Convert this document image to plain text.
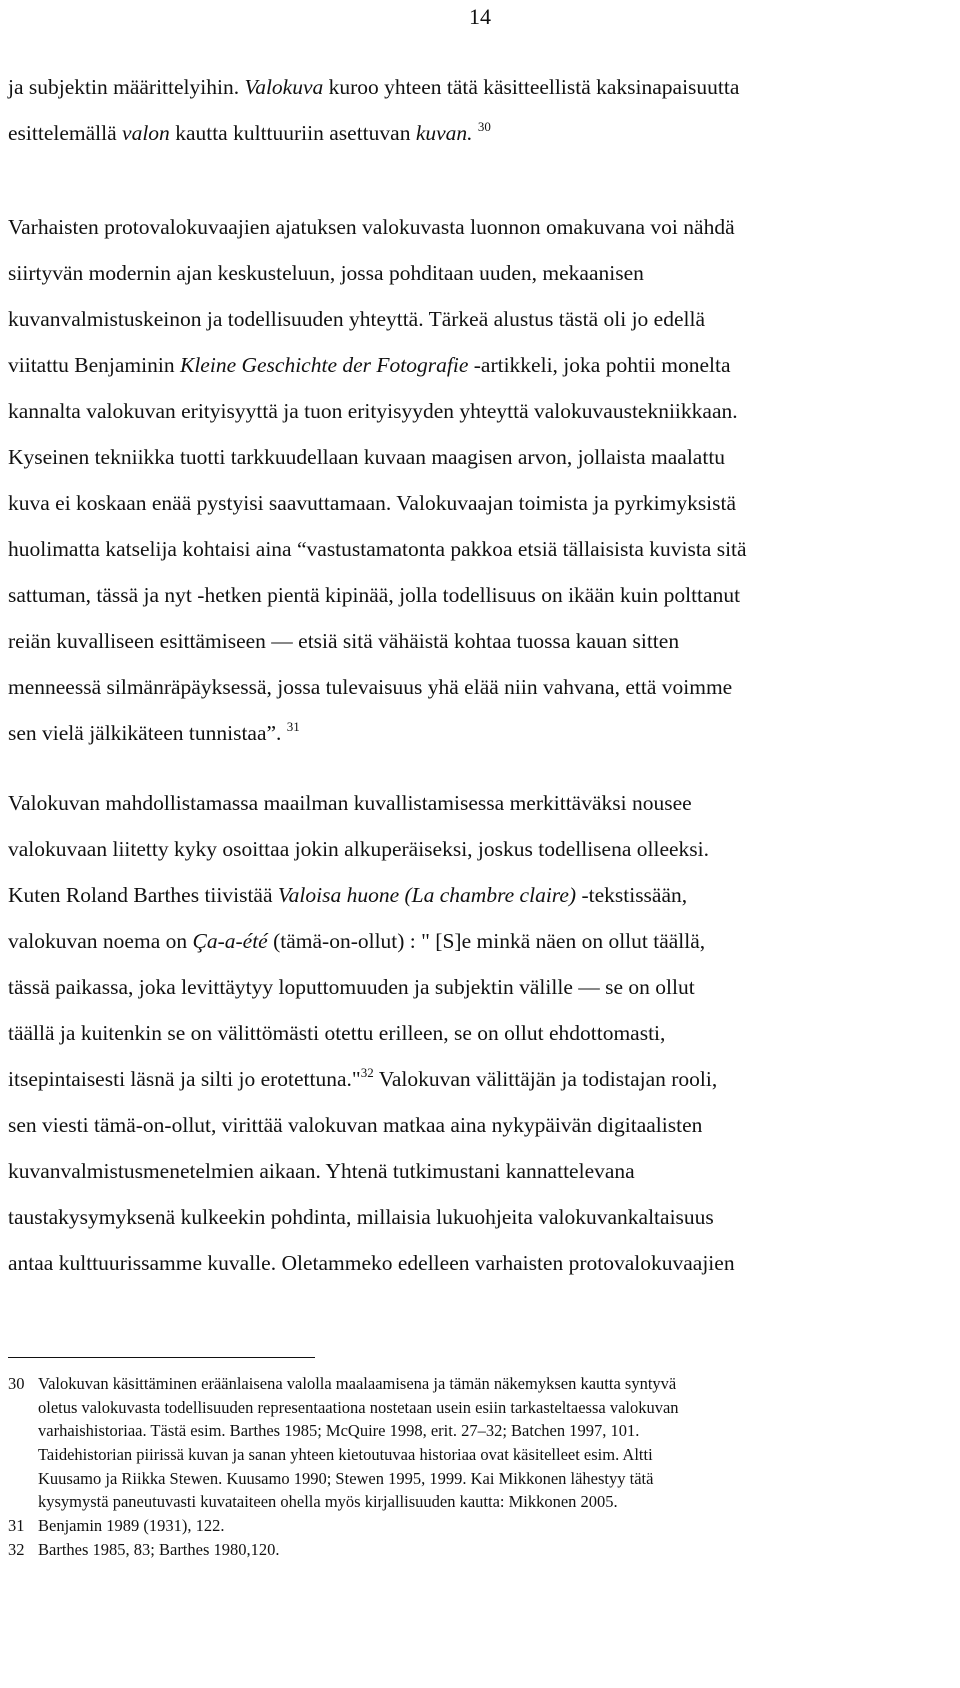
14
ja subjektin määrittelyihin. Valokuva kuroo yhteen tätä käsitteellistä kaksinapaisuutta
esittelemällä valon kautta kulttuuriin asettuvan kuvan. $^{30}$
Varhaisten protovalokuvaajien ajatuksen valokuvasta luonnon omakuvana voi nähdä
siirtyvän modernin ajan keskusteluun, jossa pohditaan uuden, mekaanisen
kuvanvalmistuskeinon ja todellisuuden yhteyttä. Tärkeä alustus tästä oli jo edellä
viitattu Benjaminin Kleine Geschichte der Fotografie -artikkeli, joka pohtii monelta
kannalta valokuvan erityisyyttä ja tuon erityisyyden yhteyttä valokuvaustekniikkaan.
Kyseinen tekniikka tuotti tarkkuudellaan kuvaan maagisen arvon, jollaista maalattu
kuva ei koskaan enää pystyisi saavuttamaan. Valokuvaajan toimista ja pyrkimyksistä
huolimatta katselija kohtaisi aina “vastustamatonta pakkoa etsiä tällaisista kuvista sitä
sattuman, tässä ja nyt -hetken pientä kipinää, jolla todellisuus on ikään kuin polttanut
reiän kuvalliseen esittämiseen — etsiä sitä vähäistä kohtaa tuossa kauan sitten
menneessä silmänräpäyksessä, jossa tulevaisuus yhä elää niin vahvana, että voimme
sen vielä jälkikäteen tunnistaa”. $^{31}$
Valokuvan mahdollistamassa maailman kuvallistamisessa merkittäväksi nousee
valokuvaan liitetty kyky osoittaa jokin alkuperäiseksi, joskus todellisena olleeksi.
Kuten Roland Barthes tiivistää Valoisa huone (La chambre claire) -tekstissään,
valokuvan noema on Ça-a-été (tämä-on-ollut) : " [S]e minkä näen on ollut täällä,
tässä paikassa, joka levittäytyy loputtomuuden ja subjektin välille — se on ollut
täällä ja kuitenkin se on välittömästi otettu erilleen, se on ollut ehdottomasti,
itsepintaisesti läsnä ja silti jo erotettuna."$^{32}$ Valokuvan välittäjän ja todistajan rooli,
sen viesti tämä-on-ollut, virittää valokuvan matkaa aina nykypäivän digitaalisten
kuvanvalmistusmenetelmien aikaan. Yhtenä tutkimustani kannattelevana
taustakysymyksenä kulkeekin pohdinta, millaisia lukuohjeita valokuvankaltaisuus
antaa kulttuurissamme kuvalle. Oletammeko edelleen varhaisten protovalokuvaajien
30 Valokuvan käsittäminen eräänlaisena valolla maalaamisena ja tämän näkemyksen kautta syntyvä
oletus valokuvasta todellisuuden representaationa nostetaan usein esiin tarkasteltaessa valokuvan
varhaishistoriaa. Tästä esim. Barthes 1985; McQuire 1998, erit. 27–32; Batchen 1997, 101.
Taidehistorian piirissä kuvan ja sanan yhteen kietoutuvaa historiaa ovat käsitelleet esim. Altti
Kuusamo ja Riikka Stewen. Kuusamo 1990; Stewen 1995, 1999. Kai Mikkonen lähestyy tätä
kysymystä paneutuvasti kuvataiteen ohella myös kirjallisuuden kautta: Mikkonen 2005.
31 Benjamin 1989 (1931), 122.
32 Barthes 1985, 83; Barthes 1980,120.
